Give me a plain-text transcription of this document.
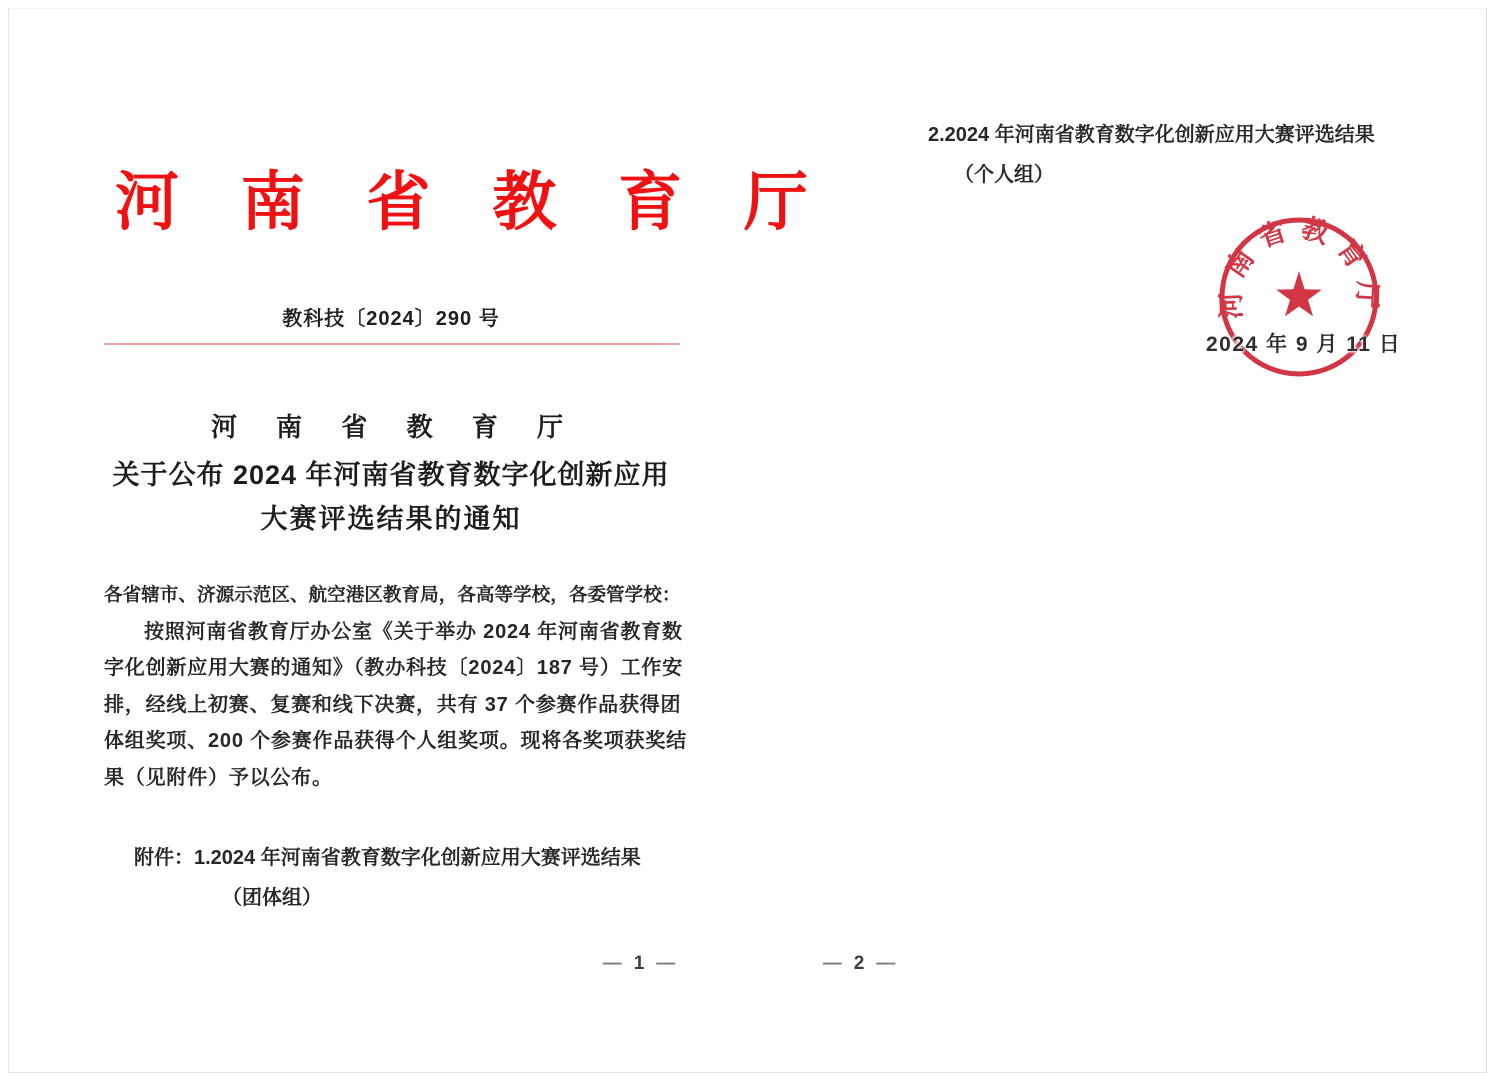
河 南 省 教 育 厅
教科技〔2024〕290 号
河 南 省 教 育 厅
关于公布 2024 年河南省教育数字化创新应用
大赛评选结果的通知
各省辖市、济源示范区、航空港区教育局，各高等学校，各委管学校：
按照河南省教育厅办公室《关于举办 2024 年河南省教育数
字化创新应用大赛的通知》（教办科技〔2024〕187 号）工作安
排，经线上初赛、复赛和线下决赛，共有 37 个参赛作品获得团
体组奖项、200 个参赛作品获得个人组奖项。现将各奖项获奖结
果（见附件）予以公布。
附件：1.2024 年河南省教育数字化创新应用大赛评选结果
（团体组）
— 1 —
2.2024 年河南省教育数字化创新应用大赛评选结果
（个人组）
河南省教育厅
2024 年 9 月 11 日
— 2 —
